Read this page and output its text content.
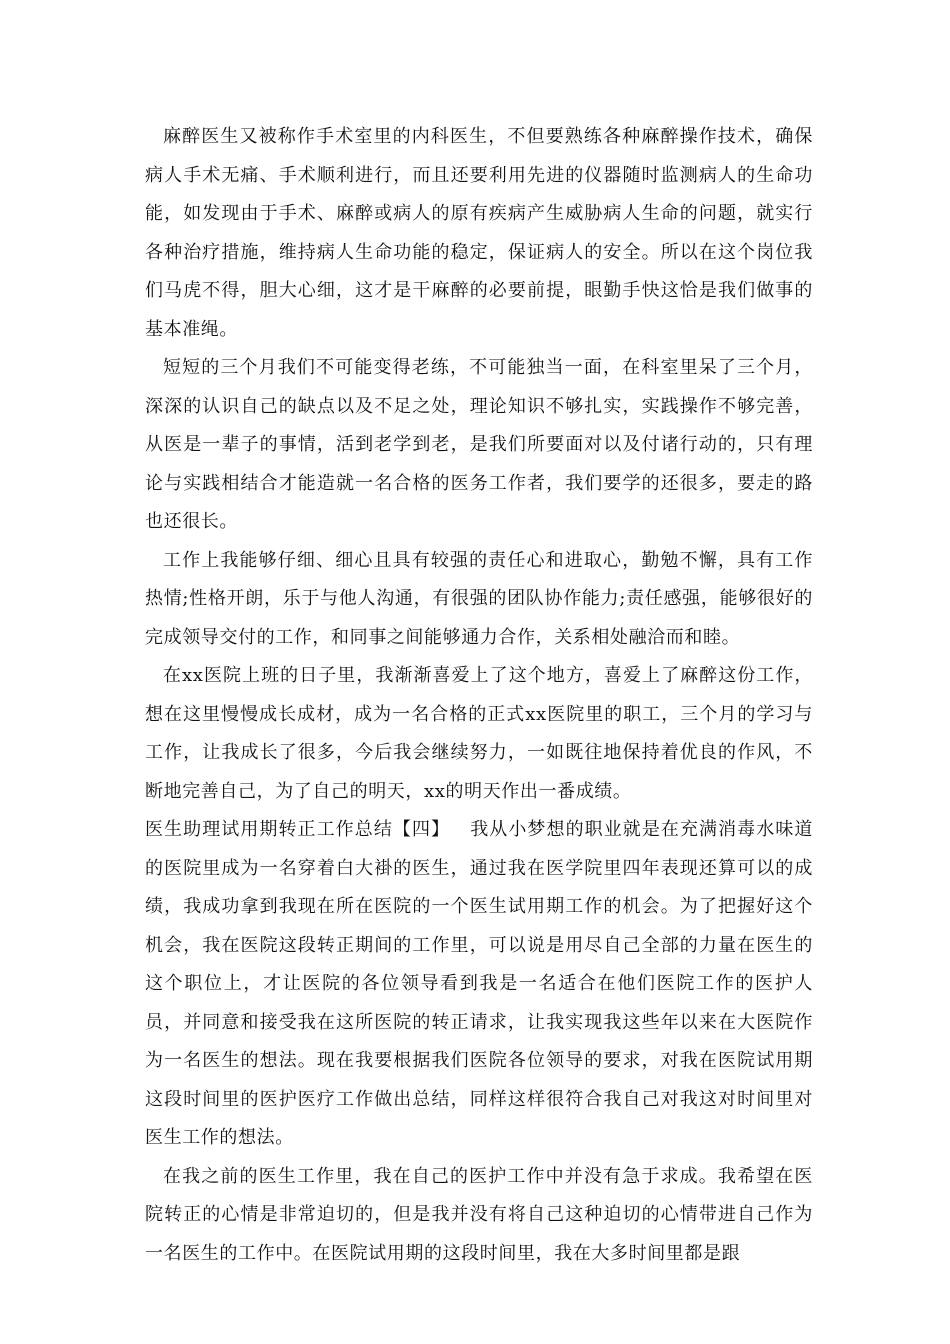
麻醉医生又被称作手术室里的内科医生，不但要熟练各种麻醉操作技术，确保病人手术无痛、手术顺利进行，而且还要利用先进的仪器随时监测病人的生命功能，如发现由于手术、麻醉或病人的原有疾病产生威胁病人生命的问题，就实行各种治疗措施，维持病人生命功能的稳定，保证病人的安全。所以在这个岗位我们马虎不得，胆大心细，这才是干麻醉的必要前提，眼勤手快这恰是我们做事的基本准绳。

短短的三个月我们不可能变得老练，不可能独当一面，在科室里呆了三个月，深深的认识自己的缺点以及不足之处，理论知识不够扎实，实践操作不够完善，从医是一辈子的事情，活到老学到老，是我们所要面对以及付诸行动的，只有理论与实践相结合才能造就一名合格的医务工作者，我们要学的还很多，要走的路也还很长。

工作上我能够仔细、细心且具有较强的责任心和进取心，勤勉不懈，具有工作热情;性格开朗，乐于与他人沟通，有很强的团队协作能力;责任感强，能够很好的完成领导交付的工作，和同事之间能够通力合作，关系相处融洽而和睦。

在xx医院上班的日子里，我渐渐喜爱上了这个地方，喜爱上了麻醉这份工作，想在这里慢慢成长成材，成为一名合格的正式xx医院里的职工，三个月的学习与工作，让我成长了很多，今后我会继续努力，一如既往地保持着优良的作风，不断地完善自己，为了自己的明天，xx的明天作出一番成绩。

医生助理试用期转正工作总结【四】　  我从小梦想的职业就是在充满消毒水味道的医院里成为一名穿着白大褂的医生，通过我在医学院里四年表现还算可以的成绩，我成功拿到我现在所在医院的一个医生试用期工作的机会。为了把握好这个机会，我在医院这段转正期间的工作里，可以说是用尽自己全部的力量在医生的这个职位上，才让医院的各位领导看到我是一名适合在他们医院工作的医护人员，并同意和接受我在这所医院的转正请求，让我实现我这些年以来在大医院作为一名医生的想法。现在我要根据我们医院各位领导的要求，对我在医院试用期这段时间里的医护医疗工作做出总结，同样这样很符合我自己对我这对时间里对医生工作的想法。

在我之前的医生工作里，我在自己的医护工作中并没有急于求成。我希望在医院转正的心情是非常迫切的，但是我并没有将自己这种迫切的心情带进自己作为一名医生的工作中。在医院试用期的这段时间里，我在大多时间里都是跟
